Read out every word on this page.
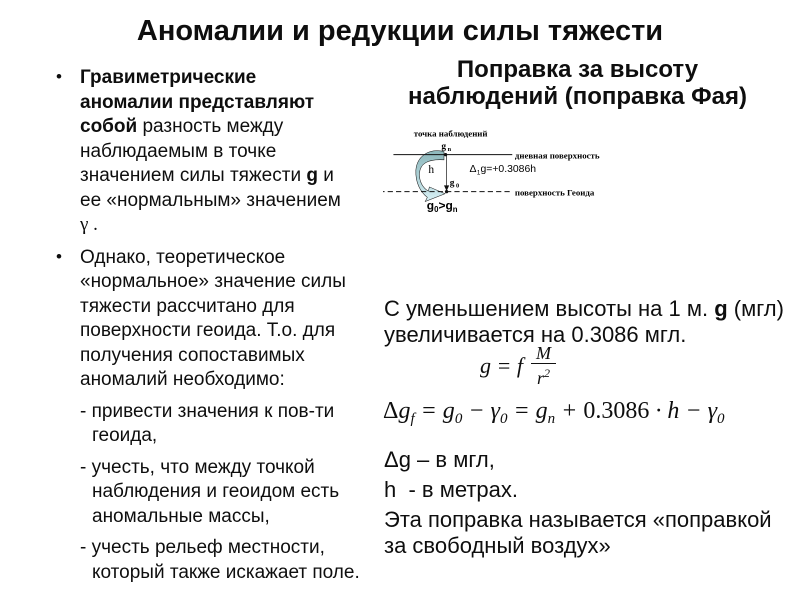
Аномалии и редукции силы тяжести
• Гравиметрические аномалии представляют собой разность между наблюдаемым в точке значением силы тяжести g и ее «нормальным» значением γ .
• Однако, теоретическое «нормальное» значение силы тяжести рассчитано для поверхности геоида. Т.о. для получения сопоставимых аномалий необходимо:
- привести значения к пов-ти геоида,
- учесть, что между точкой наблюдения и геоидом есть аномальные массы,
- учесть рельеф местности, который также искажает поле.
Поправка за высоту
наблюдений (поправка Фая)
дневная поверхность
поверхность Геоида
точка наблюдений
g n
g 0
h Δ 1 g=+0.3086h
$g_0>g_n$
С уменьшением высоты на 1 м. g (мгл)
увеличивается на 0.3086 мгл.
g = f $\frac{M}{r^2}$
$\Delta g_f = g_0 - \gamma_0 = g_n + 0.3086 \cdot h - \gamma_0$
Δg – в мгл,
h  - в метрах.
Эта поправка называется «поправкой
за свободный воздух»
